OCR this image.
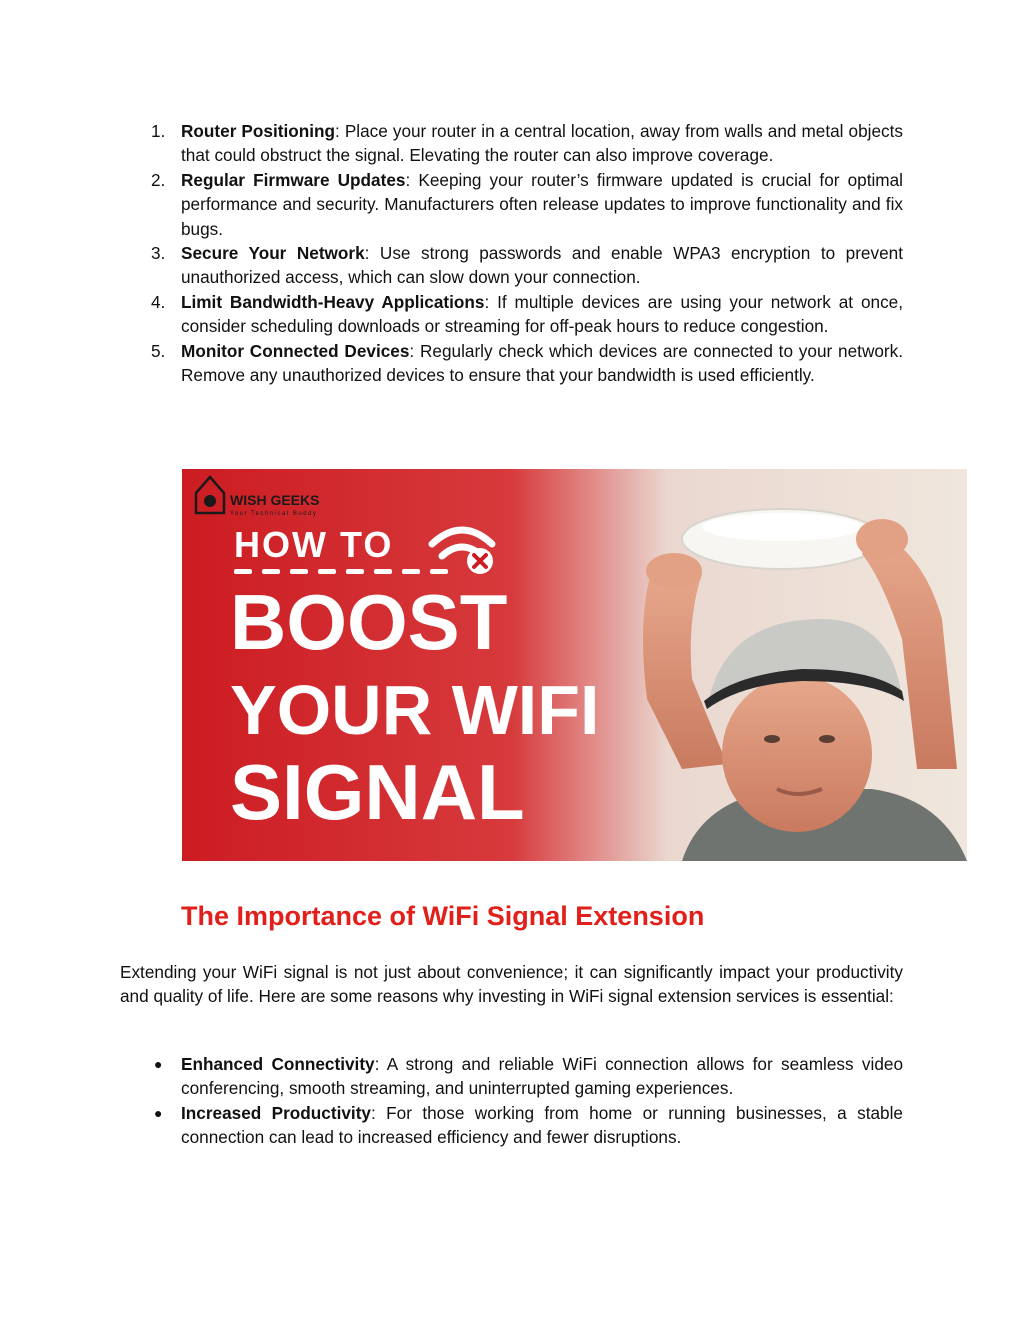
1. Router Positioning: Place your router in a central location, away from walls and metal objects that could obstruct the signal. Elevating the router can also improve coverage.
2. Regular Firmware Updates: Keeping your router’s firmware updated is crucial for optimal performance and security. Manufacturers often release updates to improve functionality and fix bugs.
3. Secure Your Network: Use strong passwords and enable WPA3 encryption to prevent unauthorized access, which can slow down your connection.
4. Limit Bandwidth-Heavy Applications: If multiple devices are using your network at once, consider scheduling downloads or streaming for off-peak hours to reduce congestion.
5. Monitor Connected Devices: Regularly check which devices are connected to your network. Remove any unauthorized devices to ensure that your bandwidth is used efficiently.
WISH GEEKS
Your Technical Buddy
HOW TO
BOOST
YOUR WIFI
SIGNAL
The Importance of WiFi Signal Extension

Extending your WiFi signal is not just about convenience; it can significantly impact your productivity and quality of life. Here are some reasons why investing in WiFi signal extension services is essential:

● Enhanced Connectivity: A strong and reliable WiFi connection allows for seamless video conferencing, smooth streaming, and uninterrupted gaming experiences.
● Increased Productivity: For those working from home or running businesses, a stable connection can lead to increased efficiency and fewer disruptions.
